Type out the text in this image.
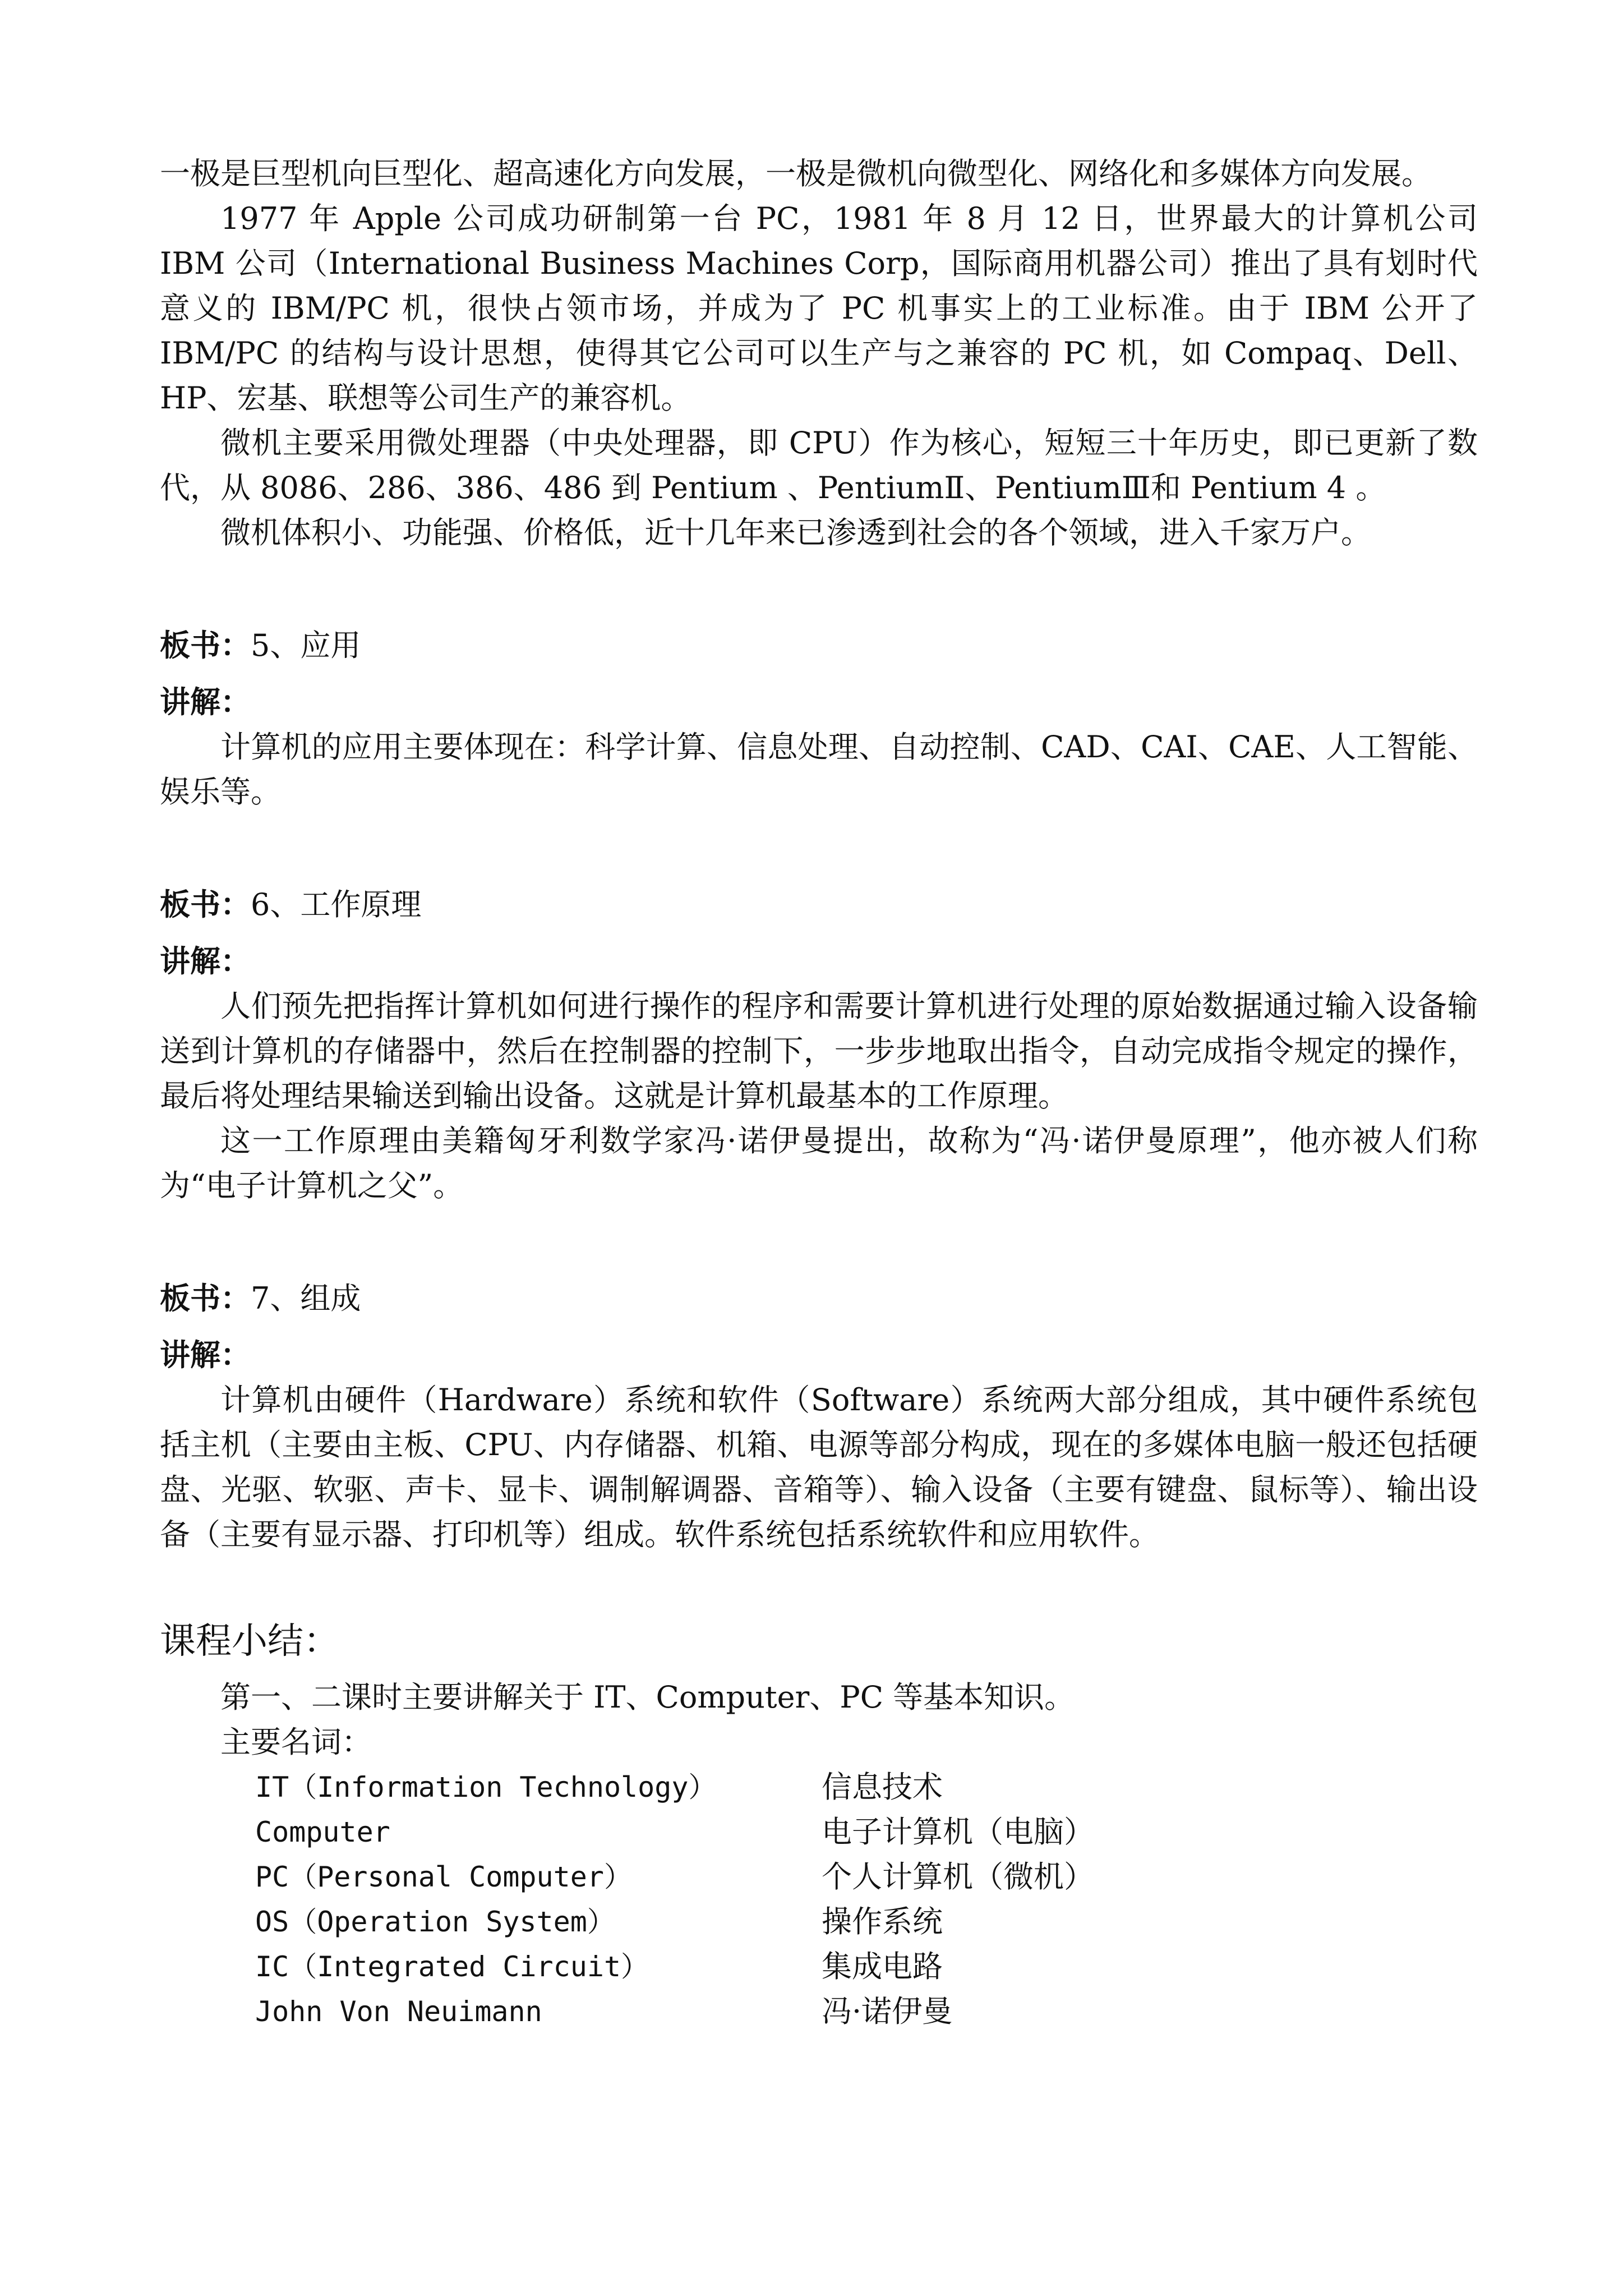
一极是巨型机向巨型化、超高速化方向发展，一极是微机向微型化、网络化和多媒体方向发展。

1977 年 Apple 公司成功研制第一台 PC，1981 年 8 月 12 日，世界最大的计算机公司 IBM 公司（International Business Machines Corp，国际商用机器公司）推出了具有划时代意义的 IBM/PC 机，很快占领市场，并成为了 PC 机事实上的工业标准。由于 IBM 公开了 IBM/PC 的结构与设计思想，使得其它公司可以生产与之兼容的 PC 机，如 Compaq、Dell、HP、宏基、联想等公司生产的兼容机。

微机主要采用微处理器（中央处理器，即 CPU）作为核心，短短三十年历史，即已更新了数代，从 8086、286、386、486 到 Pentium 、PentiumⅡ、PentiumⅢ和 Pentium 4 。

微机体积小、功能强、价格低，近十几年来已渗透到社会的各个领域，进入千家万户。

板书：5、应用

讲解：

计算机的应用主要体现在：科学计算、信息处理、自动控制、CAD、CAI、CAE、人工智能、娱乐等。

板书：6、工作原理

讲解：

人们预先把指挥计算机如何进行操作的程序和需要计算机进行处理的原始数据通过输入设备输送到计算机的存储器中，然后在控制器的控制下，一步步地取出指令，自动完成指令规定的操作，最后将处理结果输送到输出设备。这就是计算机最基本的工作原理。

这一工作原理由美籍匈牙利数学家冯·诺伊曼提出，故称为“冯·诺伊曼原理”，他亦被人们称为“电子计算机之父”。

板书：7、组成

讲解：

计算机由硬件（Hardware）系统和软件（Software）系统两大部分组成，其中硬件系统包括主机（主要由主板、CPU、内存储器、机箱、电源等部分构成，现在的多媒体电脑一般还包括硬盘、光驱、软驱、声卡、显卡、调制解调器、音箱等）、输入设备（主要有键盘、鼠标等）、输出设备（主要有显示器、打印机等）组成。软件系统包括系统软件和应用软件。

课程小结：

第一、二课时主要讲解关于 IT、Computer、PC 等基本知识。

主要名词：

IT（Information Technology）	信息技术
Computer	电子计算机（电脑）
PC（Personal Computer）	个人计算机（微机）
OS（Operation System）	操作系统
IC（Integrated Circuit）	集成电路
John Von Neuimann	冯·诺伊曼
